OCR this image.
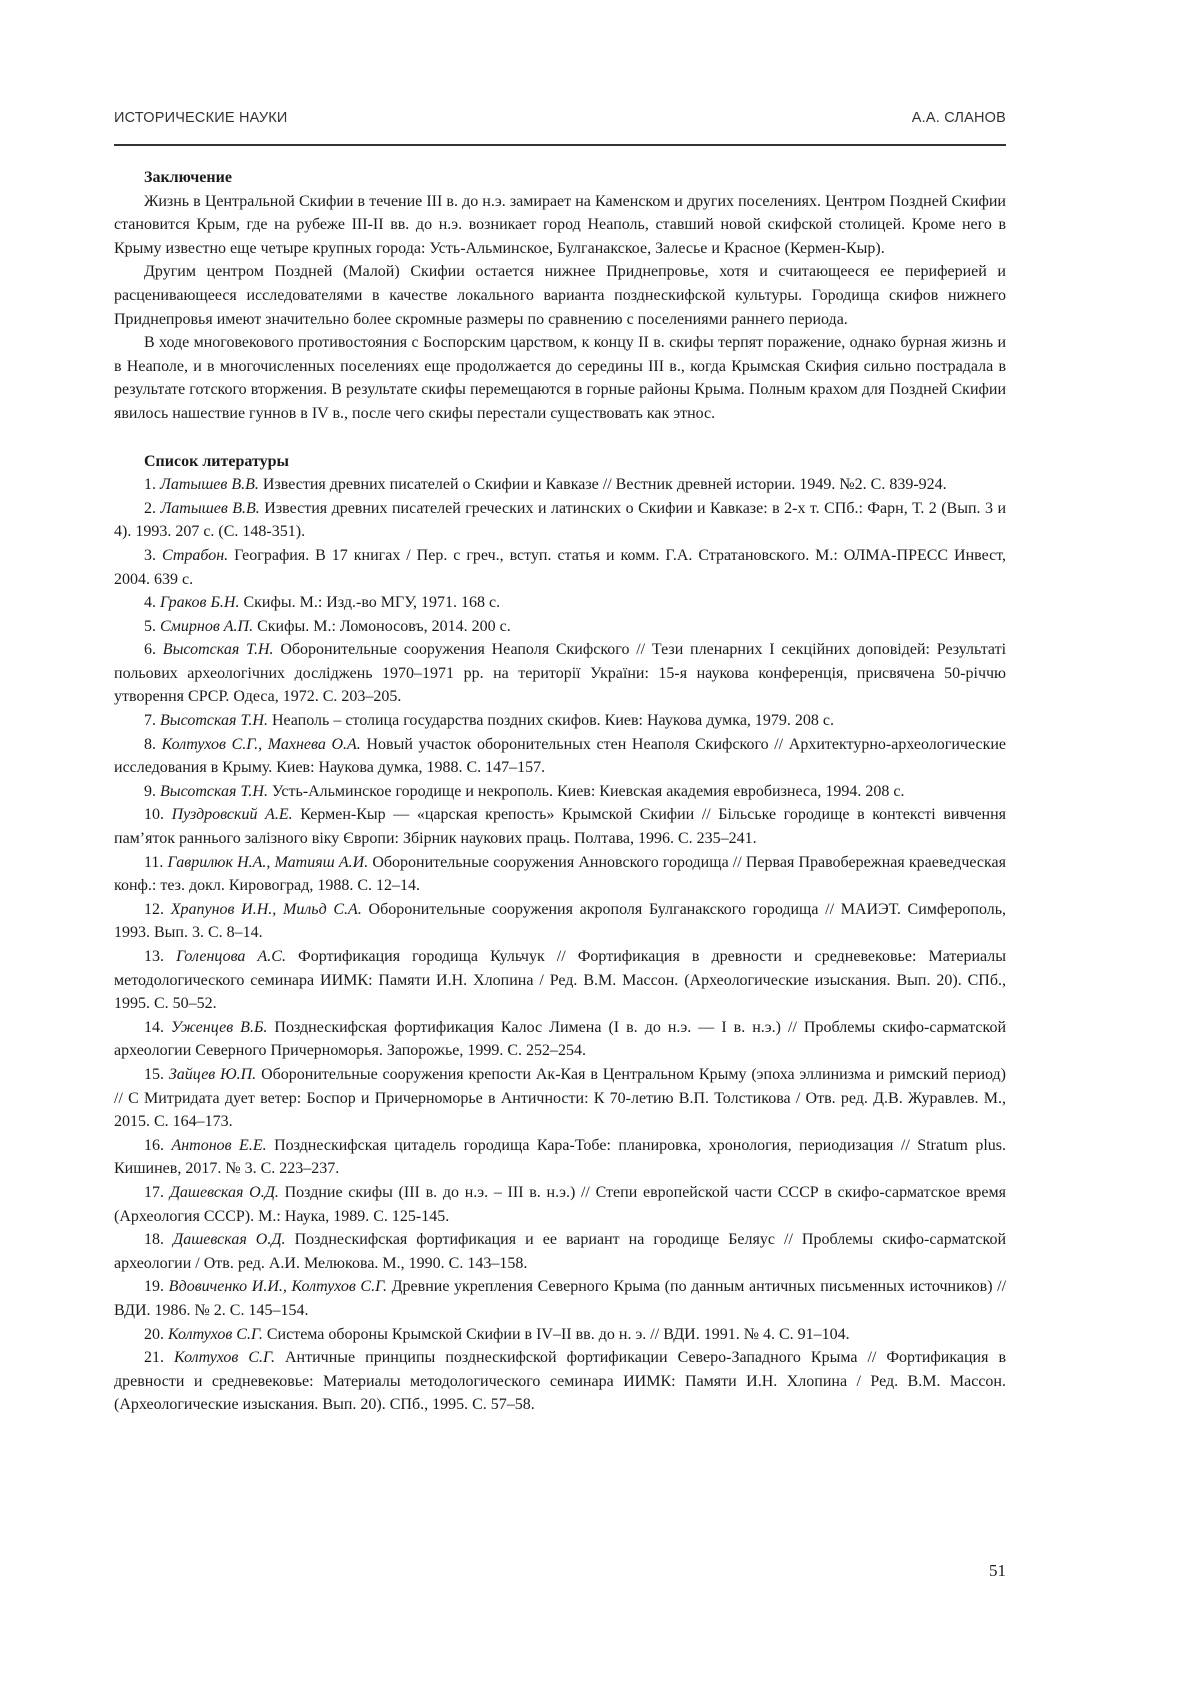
ИСТОРИЧЕСКИЕ НАУКИ	А.А. СЛАНОВ
Заключение

Жизнь в Центральной Скифии в течение III в. до н.э. замирает на Каменском и других поселениях. Центром Поздней Скифии становится Крым, где на рубеже III-II вв. до н.э. возникает город Неаполь, ставший новой скифской столицей. Кроме него в Крыму известно еще четыре крупных города: Усть-Альминское, Булганакское, Залесье и Красное (Кермен-Кыр).

Другим центром Поздней (Малой) Скифии остается нижнее Приднепровье, хотя и считающееся ее периферией и расценивающееся исследователями в качестве локального варианта позднескифской культуры. Городища скифов нижнего Приднепровья имеют значительно более скромные размеры по сравнению с поселениями раннего периода.

В ходе многовекового противостояния с Боспорским царством, к концу II в. скифы терпят поражение, однако бурная жизнь и в Неаполе, и в многочисленных поселениях еще продолжается до середины III в., когда Крымская Скифия сильно пострадала в результате готского вторжения. В результате скифы перемещаются в горные районы Крыма. Полным крахом для Поздней Скифии явилось нашествие гуннов в IV в., после чего скифы перестали существовать как этнос.

Список литературы

1. Латышев В.В. Известия древних писателей о Скифии и Кавказе // Вестник древней истории. 1949. №2. С. 839-924.

2. Латышев В.В. Известия древних писателей греческих и латинских о Скифии и Кавказе: в 2-х т. СПб.: Фарн, Т. 2 (Вып. 3 и 4). 1993. 207 с. (С. 148-351).

3. Страбон. География. В 17 книгах / Пер. с греч., вступ. статья и комм. Г.А. Стратановского. М.: ОЛМА-ПРЕСС Инвест, 2004. 639 с.

4. Граков Б.Н. Скифы. М.: Изд.-во МГУ, 1971. 168 с.

5. Смирнов А.П. Скифы. М.: Ломоносовъ, 2014. 200 с.

6. Высотская Т.Н. Оборонительные сооружения Неаполя Скифского // Тези пленарних I секційних доповідей: Результаті польових археологічних досліджень 1970–1971 рр. на території України: 15-я наукова конференція, присвячена 50-річчю утворення СРСР. Одеса, 1972. С. 203–205.

7. Высотская Т.Н. Неаполь – столица государства поздних скифов. Киев: Наукова думка, 1979. 208 с.

8. Колтухов С.Г., Махнева О.А. Новый участок оборонительных стен Неаполя Скифского // Архитектурно-археологические исследования в Крыму. Киев: Наукова думка, 1988. С. 147–157.

9. Высотская Т.Н. Усть-Альминское городище и некрополь. Киев: Киевская академия евробизнеса, 1994. 208 с.

10. Пуздровский А.Е. Кермен-Кыр — «царская крепость» Крымской Скифии // Більське городище в контексті вивчення пам’яток раннього залізного віку Європи: Збірник наукових праць. Полтава, 1996. С. 235–241.

11. Гаврилюк Н.А., Матияш А.И. Оборонительные сооружения Анновского городища // Первая Правобережная краеведческая конф.: тез. докл. Кировоград, 1988. С. 12–14.

12. Храпунов И.Н., Мильд С.А. Оборонительные сооружения акрополя Булганакского городища // МАИЭТ. Симферополь, 1993. Вып. 3. С. 8–14.

13. Голенцова А.С. Фортификация городища Кульчук // Фортификация в древности и средневековье: Материалы методологического семинара ИИМК: Памяти И.Н. Хлопина / Ред. В.М. Массон. (Археологические изыскания. Вып. 20). СПб., 1995. С. 50–52.

14. Уженцев В.Б. Позднескифская фортификация Калос Лимена (I в. до н.э. — I в. н.э.) // Проблемы скифо-сарматской археологии Северного Причерноморья. Запорожье, 1999. С. 252–254.

15. Зайцев Ю.П. Оборонительные сооружения крепости Ак-Кая в Центральном Крыму (эпоха эллинизма и римский период) // С Митридата дует ветер: Боспор и Причерноморье в Античности: К 70-летию В.П. Толстикова / Отв. ред. Д.В. Журавлев. М., 2015. С. 164–173.

16. Антонов Е.Е. Позднескифская цитадель городища Кара-Тобе: планировка, хронология, периодизация // Stratum plus. Кишинев, 2017. № 3. С. 223–237.

17. Дашевская О.Д. Поздние скифы (III в. до н.э. – III в. н.э.) // Степи европейской части СССР в скифо-сарматское время (Археология СССР). М.: Наука, 1989. С. 125-145.

18. Дашевская О.Д. Позднескифская фортификация и ее вариант на городище Беляус // Проблемы скифо-сарматской археологии / Отв. ред. А.И. Мелюкова. М., 1990. С. 143–158.

19. Вдовиченко И.И., Колтухов С.Г. Древние укрепления Северного Крыма (по данным античных письменных источников) // ВДИ. 1986. № 2. С. 145–154.

20. Колтухов С.Г. Система обороны Крымской Скифии в IV–II вв. до н. э. // ВДИ. 1991. № 4. С. 91–104.

21. Колтухов С.Г. Античные принципы позднескифской фортификации Северо-Западного Крыма // Фортификация в древности и средневековье: Материалы методологического семинара ИИМК: Памяти И.Н. Хлопина / Ред. В.М. Массон. (Археологические изыскания. Вып. 20). СПб., 1995. С. 57–58.

51
